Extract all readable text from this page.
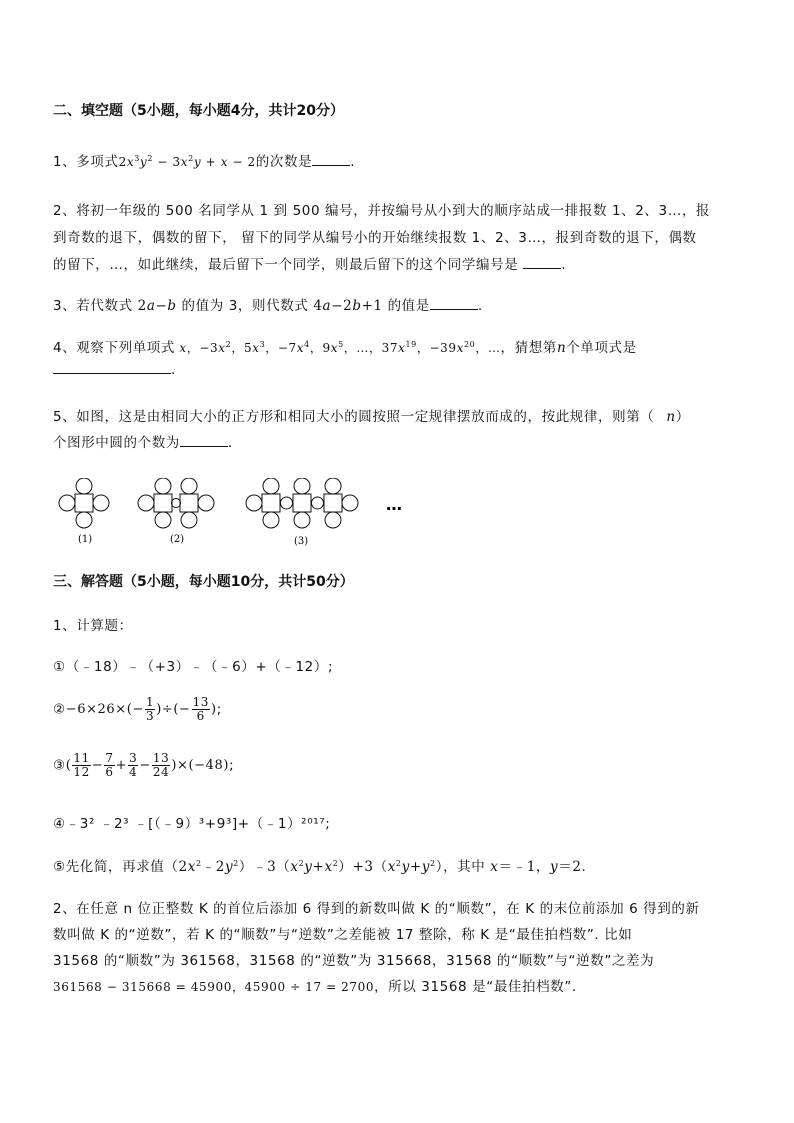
二、填空题（5小题，每小题4分，共计20分）
1、多项式$2x^3y^2 - 3x^2y + x - 2$的次数是	.
2、将初一年级的 500 名同学从 1 到 500 编号，并按编号从小到大的顺序站成一排报数 1、2、3…，报
到奇数的退下，偶数的留下， 留下的同学从编号小的开始继续报数 1、2、3…，报到奇数的退下，偶数
的留下，…，如此继续，最后留下一个同学，则最后留下的这个同学编号是	.
3、若代数式 2a−b 的值为 3，则代数式 4a−2b+1 的值是	.
4、观察下列单项式 x，$-3x^2$，$5x^3$，$-7x^4$，$9x^5$，…，$37x^{19}$，$-39x^{20}$，…，猜想第n个单项式是
.
5、如图，这是由相同大小的正方形和相同大小的圆按照一定规律摆放而成的，按此规律，则第（ n）
个图形中圆的个数为	.
(1)	(2)	(3)
…
三、解答题（5小题，每小题10分，共计50分）
1、计算题：
①（﹣18）﹣（+3）﹣（﹣6）+（﹣12）;
②−6×26×(− $\frac{1}{3}$ )÷(− $\frac{13}{6}$ );
③( $\frac{11}{12} - \frac{7}{6} + \frac{3}{4} - \frac{13}{24} )\times(-48)$;
④﹣3² ﹣2³ ﹣[（﹣9）³+9³]+（﹣1）²⁰¹⁷;
⑤先化简，再求值$(2x^2﹣2y^2)﹣3(x^2y+x^2)+3(x^2y+y^2)$，其中 x＝﹣1，y＝2.
2、在任意 n 位正整数 K 的首位后添加 6 得到的新数叫做 K 的“顺数”，在 K 的末位前添加 6 得到的新
数叫做 K 的“逆数”，若 K 的“顺数”与“逆数”之差能被 17 整除，称 K 是“最佳拍档数”. 比如
31568 的“顺数”为 361568，31568 的“逆数”为 315668，31568 的“顺数”与“逆数”之差为
361568 − 315668 = 45900，45900 ÷ 17 = 2700，所以 31568 是“最佳拍档数”.
